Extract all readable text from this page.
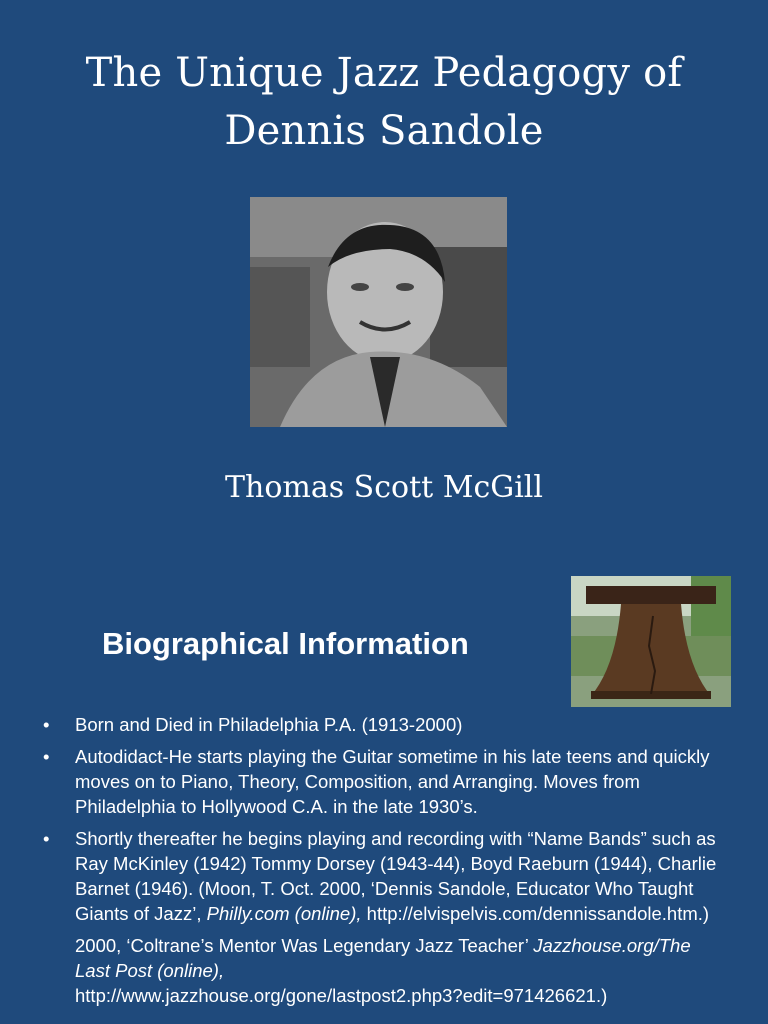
The Unique Jazz Pedagogy of
Dennis Sandole
Thomas Scott McGill
Biographical Information
• Born and Died in Philadelphia P.A. (1913-2000)
• Autodidact-He starts playing the Guitar sometime in his late teens and quickly moves on to Piano, Theory, Composition, and Arranging. Moves from Philadelphia to Hollywood C.A. in the late 1930’s.
• Shortly thereafter he begins playing and recording with “Name Bands” such as Ray McKinley (1942) Tommy Dorsey (1943-44), Boyd Raeburn (1944), Charlie Barnet (1946). (Moon, T. Oct. 2000, ‘Dennis Sandole, Educator Who Taught Giants of Jazz’, Philly.com (online), http://elvispelvis.com/dennissandole.htm.)
2000, ‘Coltrane’s Mentor Was Legendary Jazz Teacher’ Jazzhouse.org/The Last Post (online),
http://www.jazzhouse.org/gone/lastpost2.php3?edit=971426621.)
